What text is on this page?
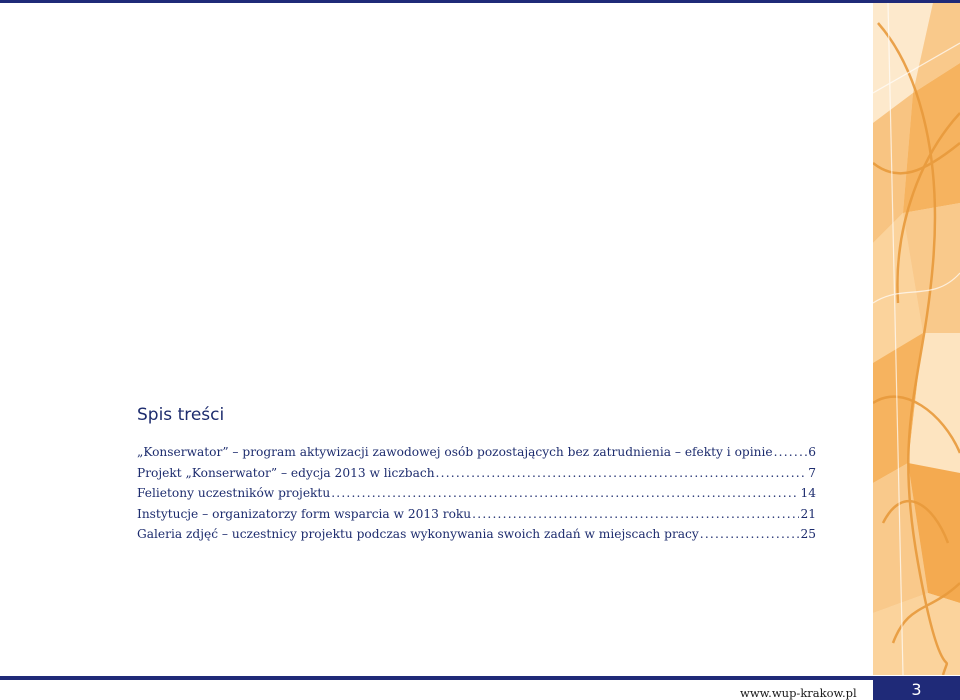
Spis treści
„Konserwator” – program aktywizacji zawodowej osób pozostających bez zatrudnienia – efekty i opinie .....	6
Projekt „Konserwator” – edycja 2013 w liczbach .....	7
Felietony uczestników projektu .....	14
Instytucje – organizatorzy form wsparcia w 2013 roku .....	21
Galeria zdjęć – uczestnicy projektu podczas wykonywania swoich zadań w miejscach pracy .....	25
www.wup-krakow.pl	3
